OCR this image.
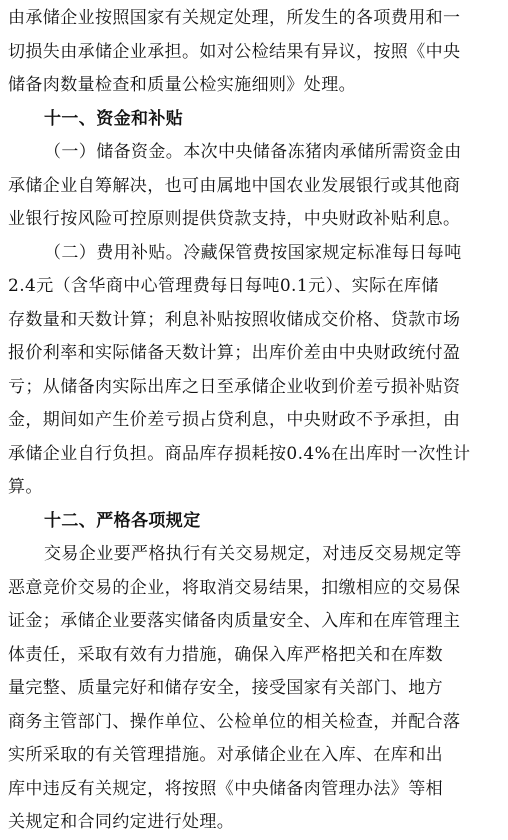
由承储企业按照国家有关规定处理，所发生的各项费用和一
切损失由承储企业承担。如对公检结果有异议，按照《中央
储备肉数量检查和质量公检实施细则》处理。
十一、资金和补贴
（一）储备资金。本次中央储备冻猪肉承储所需资金由
承储企业自筹解决，也可由属地中国农业发展银行或其他商
业银行按风险可控原则提供贷款支持，中央财政补贴利息。
（二）费用补贴。冷藏保管费按国家规定标准每日每吨
2.4元（含华商中心管理费每日每吨0.1元）、实际在库储
存数量和天数计算；利息补贴按照收储成交价格、贷款市场
报价利率和实际储备天数计算；出库价差由中央财政统付盈
亏；从储备肉实际出库之日至承储企业收到价差亏损补贴资
金，期间如产生价差亏损占贷利息，中央财政不予承担，由
承储企业自行负担。商品库存损耗按0.4%在出库时一次性计
算。
十二、严格各项规定
交易企业要严格执行有关交易规定，对违反交易规定等
恶意竞价交易的企业，将取消交易结果，扣缴相应的交易保
证金；承储企业要落实储备肉质量安全、入库和在库管理主
体责任，采取有效有力措施，确保入库严格把关和在库数
量完整、质量完好和储存安全，接受国家有关部门、地方
商务主管部门、操作单位、公检单位的相关检查，并配合落
实所采取的有关管理措施。对承储企业在入库、在库和出
库中违反有关规定，将按照《中央储备肉管理办法》等相
关规定和合同约定进行处理。
